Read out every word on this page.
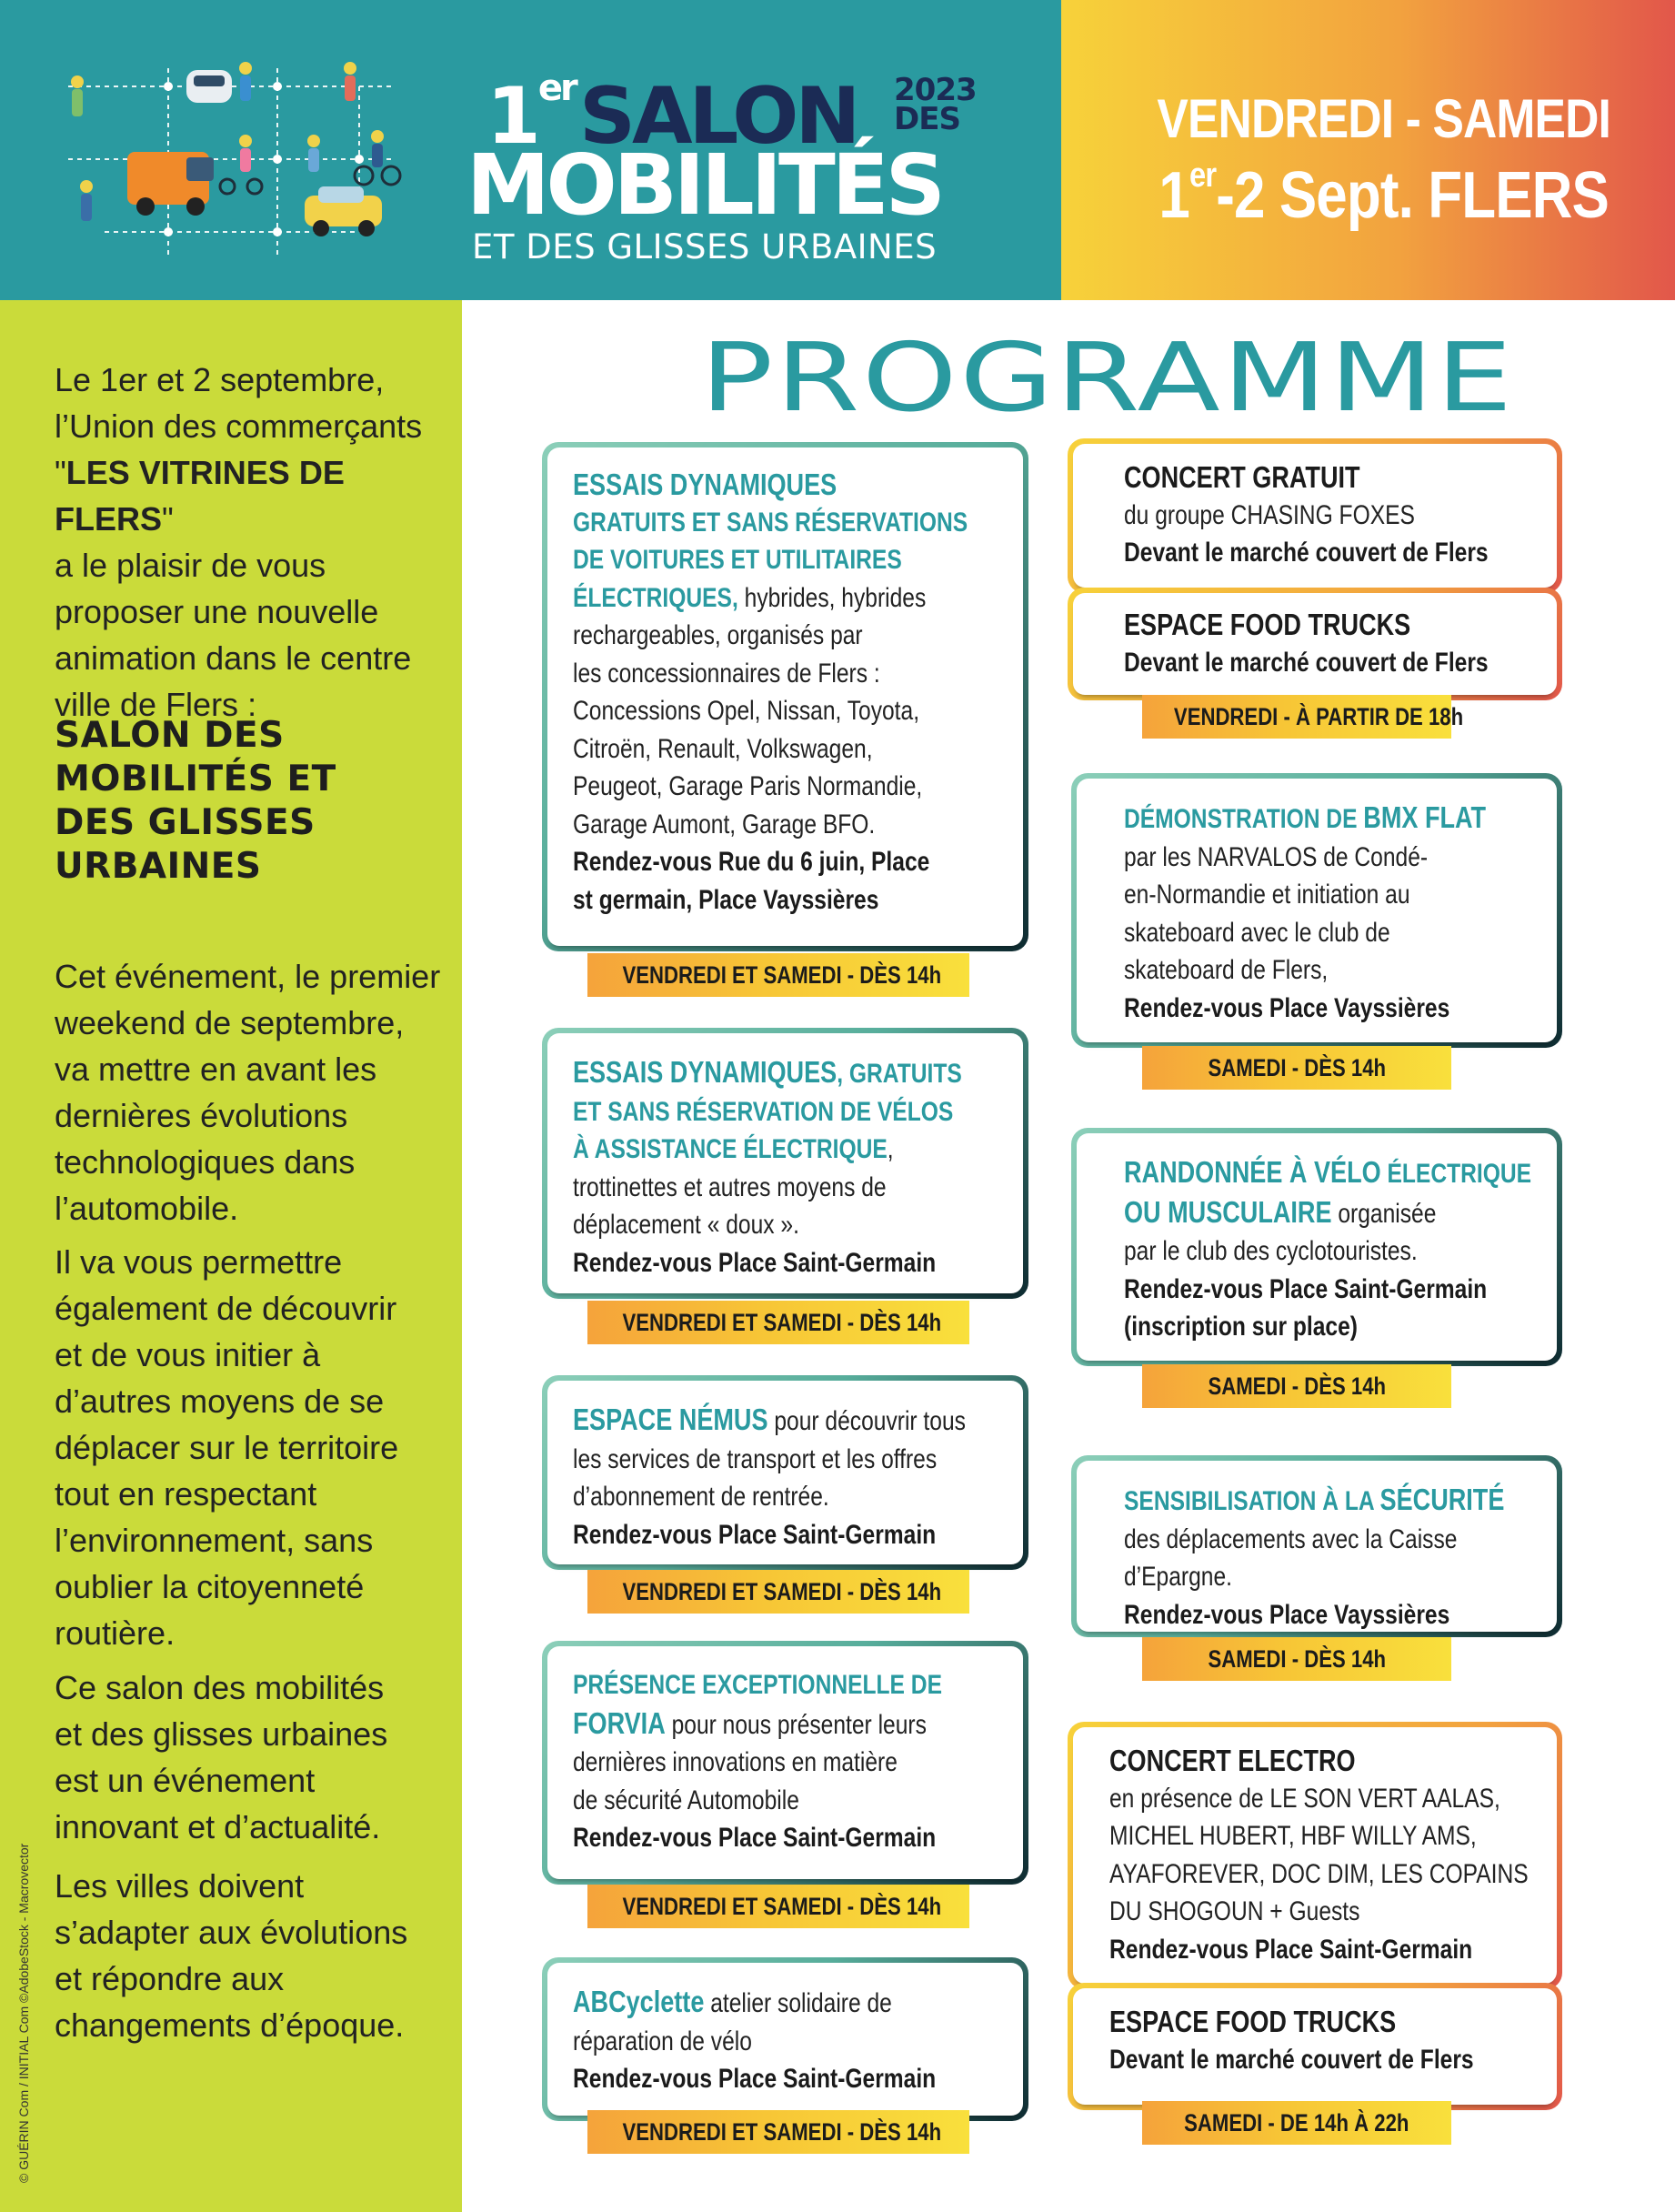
1er SALON 2023
DES
MOBILITÉS
ET DES GLISSES URBAINES
VENDREDI - SAMEDI
1er-2 Sept. FLERS
Le 1er et 2 septembre,
l’Union des commerçants
"LES VITRINES DE FLERS"
a le plaisir de vous
proposer une nouvelle
animation dans le centre
ville de Flers :
SALON DES
MOBILITÉS ET
DES GLISSES
URBAINES
Cet événement, le premier
weekend de septembre,
va mettre en avant les
dernières évolutions
technologiques dans
l’automobile.
Il va vous permettre
également de découvrir
et de vous initier à
d’autres moyens de se
déplacer sur le territoire
tout en respectant
l’environnement, sans
oublier la citoyenneté
routière.
Ce salon des mobilités
et des glisses urbaines
est un événement
innovant et d’actualité.
Les villes doivent
s’adapter aux évolutions
et répondre aux
changements d’époque.
© GUÉRIN Com / INITIAL Com ©AdobeStock - Macrovector
PROGRAMME
ESSAIS DYNAMIQUES
GRATUITS ET SANS RÉSERVATIONS
DE VOITURES ET UTILITAIRES
ÉLECTRIQUES, hybrides, hybrides
rechargeables, organisés par
les concessionnaires de Flers :
Concessions Opel, Nissan, Toyota,
Citroën, Renault, Volkswagen,
Peugeot, Garage Paris Normandie,
Garage Aumont, Garage BFO.
Rendez-vous Rue du 6 juin, Place
st germain, Place Vayssières
VENDREDI ET SAMEDI - DÈS 14h
ESSAIS DYNAMIQUES, GRATUITS
ET SANS RÉSERVATION DE VÉLOS
À ASSISTANCE ÉLECTRIQUE,
trottinettes et autres moyens de
déplacement « doux ».
Rendez-vous Place Saint-Germain
VENDREDI ET SAMEDI - DÈS 14h
ESPACE NÉMUS pour découvrir tous
les services de transport et les offres
d’abonnement de rentrée.
Rendez-vous Place Saint-Germain
VENDREDI ET SAMEDI - DÈS 14h
PRÉSENCE EXCEPTIONNELLE DE
FORVIA pour nous présenter leurs
dernières innovations en matière
de sécurité Automobile
Rendez-vous Place Saint-Germain
VENDREDI ET SAMEDI - DÈS 14h
ABCyclette atelier solidaire de
réparation de vélo
Rendez-vous Place Saint-Germain
VENDREDI ET SAMEDI - DÈS 14h
CONCERT GRATUIT
du groupe CHASING FOXES
Devant le marché couvert de Flers
ESPACE FOOD TRUCKS
Devant le marché couvert de Flers
VENDREDI - À PARTIR DE 18h
DÉMONSTRATION DE BMX FLAT
par les NARVALOS de Condé-
en-Normandie et initiation au
skateboard avec le club de
skateboard de Flers,
Rendez-vous Place Vayssières
SAMEDI - DÈS 14h
RANDONNÉE À VÉLO ÉLECTRIQUE
OU MUSCULAIRE organisée
par le club des cyclotouristes.
Rendez-vous Place Saint-Germain
(inscription sur place)
SAMEDI - DÈS 14h
SENSIBILISATION À LA SÉCURITÉ
des déplacements avec la Caisse
d’Epargne.
Rendez-vous Place Vayssières
SAMEDI - DÈS 14h
CONCERT ELECTRO
en présence de LE SON VERT AALAS,
MICHEL HUBERT, HBF WILLY AMS,
AYAFOREVER, DOC DIM, LES COPAINS
DU SHOGOUN + Guests
Rendez-vous Place Saint-Germain
ESPACE FOOD TRUCKS
Devant le marché couvert de Flers
SAMEDI - DE 14h À 22h
